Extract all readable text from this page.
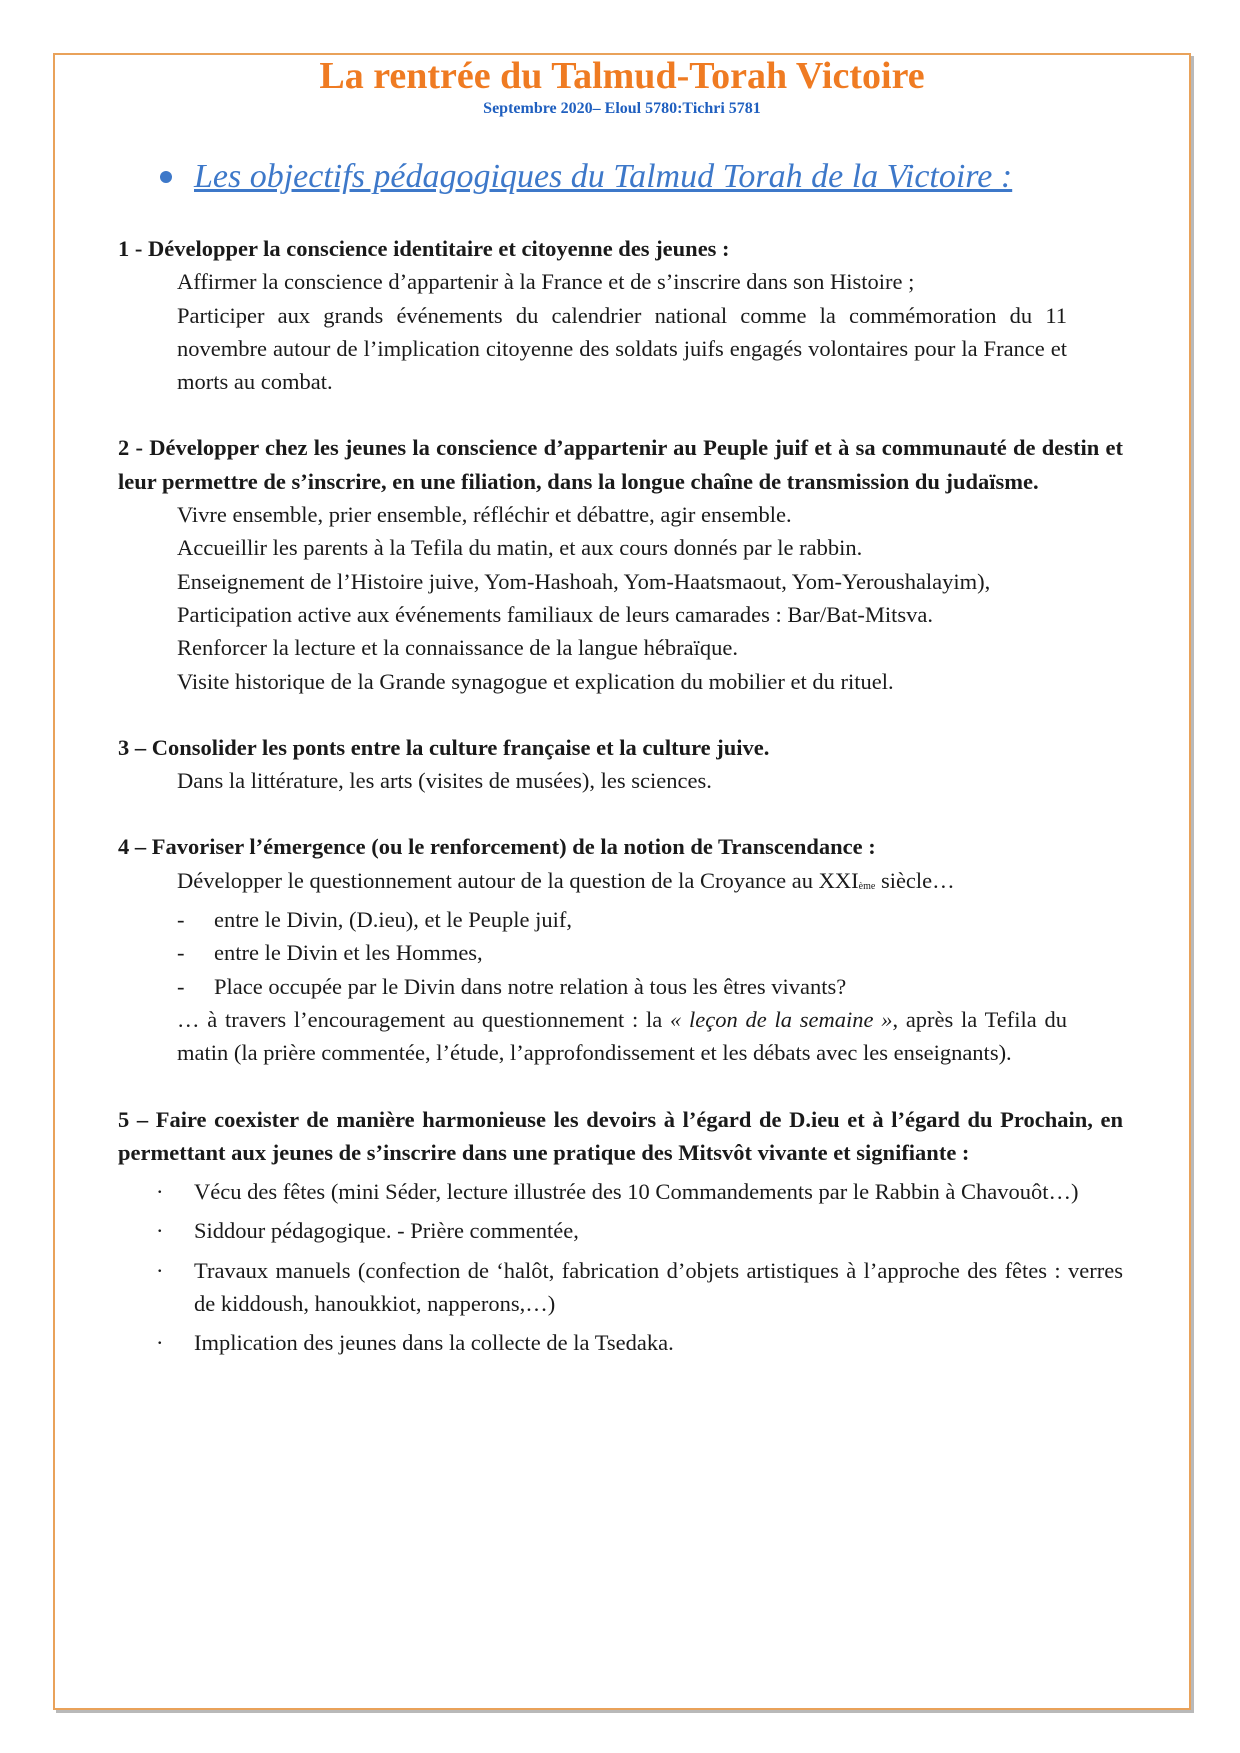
La rentrée du Talmud-Torah Victoire
Septembre 2020– Eloul 5780:Tichri 5781
Les objectifs pédagogiques du Talmud Torah de la Victoire :

1 - Développer la conscience identitaire et citoyenne des jeunes :

Affirmer la conscience d’appartenir à la France et de s’inscrire dans son Histoire ;

Participer aux grands événements du calendrier national comme la commémoration du 11 novembre autour de l’implication citoyenne des soldats juifs engagés volontaires pour la France et morts au combat.

2 - Développer chez les jeunes la conscience d’appartenir au Peuple juif et à sa communauté de destin et leur permettre de s’inscrire, en une filiation, dans la longue chaîne de transmission du judaïsme.

Vivre ensemble, prier ensemble, réfléchir et débattre, agir ensemble.

Accueillir les parents à la Tefila du matin, et aux cours donnés par le rabbin.

Enseignement de l’Histoire juive, Yom-Hashoah, Yom-Haatsmaout, Yom-Yeroushalayim),

Participation active aux événements familiaux de leurs camarades : Bar/Bat-Mitsva.

Renforcer la lecture et la connaissance de la langue hébraïque.

Visite historique de la Grande synagogue et explication du mobilier et du rituel.

3 – Consolider les ponts entre la culture française et la culture juive.

Dans la littérature, les arts (visites de musées), les sciences.

4 – Favoriser l’émergence (ou le renforcement) de la notion de Transcendance :

Développer le questionnement autour de la question de la Croyance au XXIème siècle…

-	entre le Divin, (D.ieu), et le Peuple juif,

-	entre le Divin et les Hommes,

-	Place occupée par le Divin dans notre relation à tous les êtres vivants?

… à travers l’encouragement au questionnement : la « leçon de la semaine », après la Tefila du matin (la prière commentée, l’étude, l’approfondissement et les débats avec les enseignants).

5 – Faire coexister de manière harmonieuse les devoirs à l’égard de D.ieu et à l’égard du Prochain, en permettant aux jeunes de s’inscrire dans une pratique des Mitsvôt vivante et signifiante :

·	Vécu des fêtes (mini Séder, lecture illustrée des 10 Commandements par le Rabbin à Chavouôt…)
·	Siddour pédagogique. - Prière commentée,
·	Travaux manuels (confection de ‘halôt, fabrication d’objets artistiques à l’approche des fêtes : verres de kiddoush, hanoukkiot, napperons,…)
·	Implication des jeunes dans la collecte de la Tsedaka.
